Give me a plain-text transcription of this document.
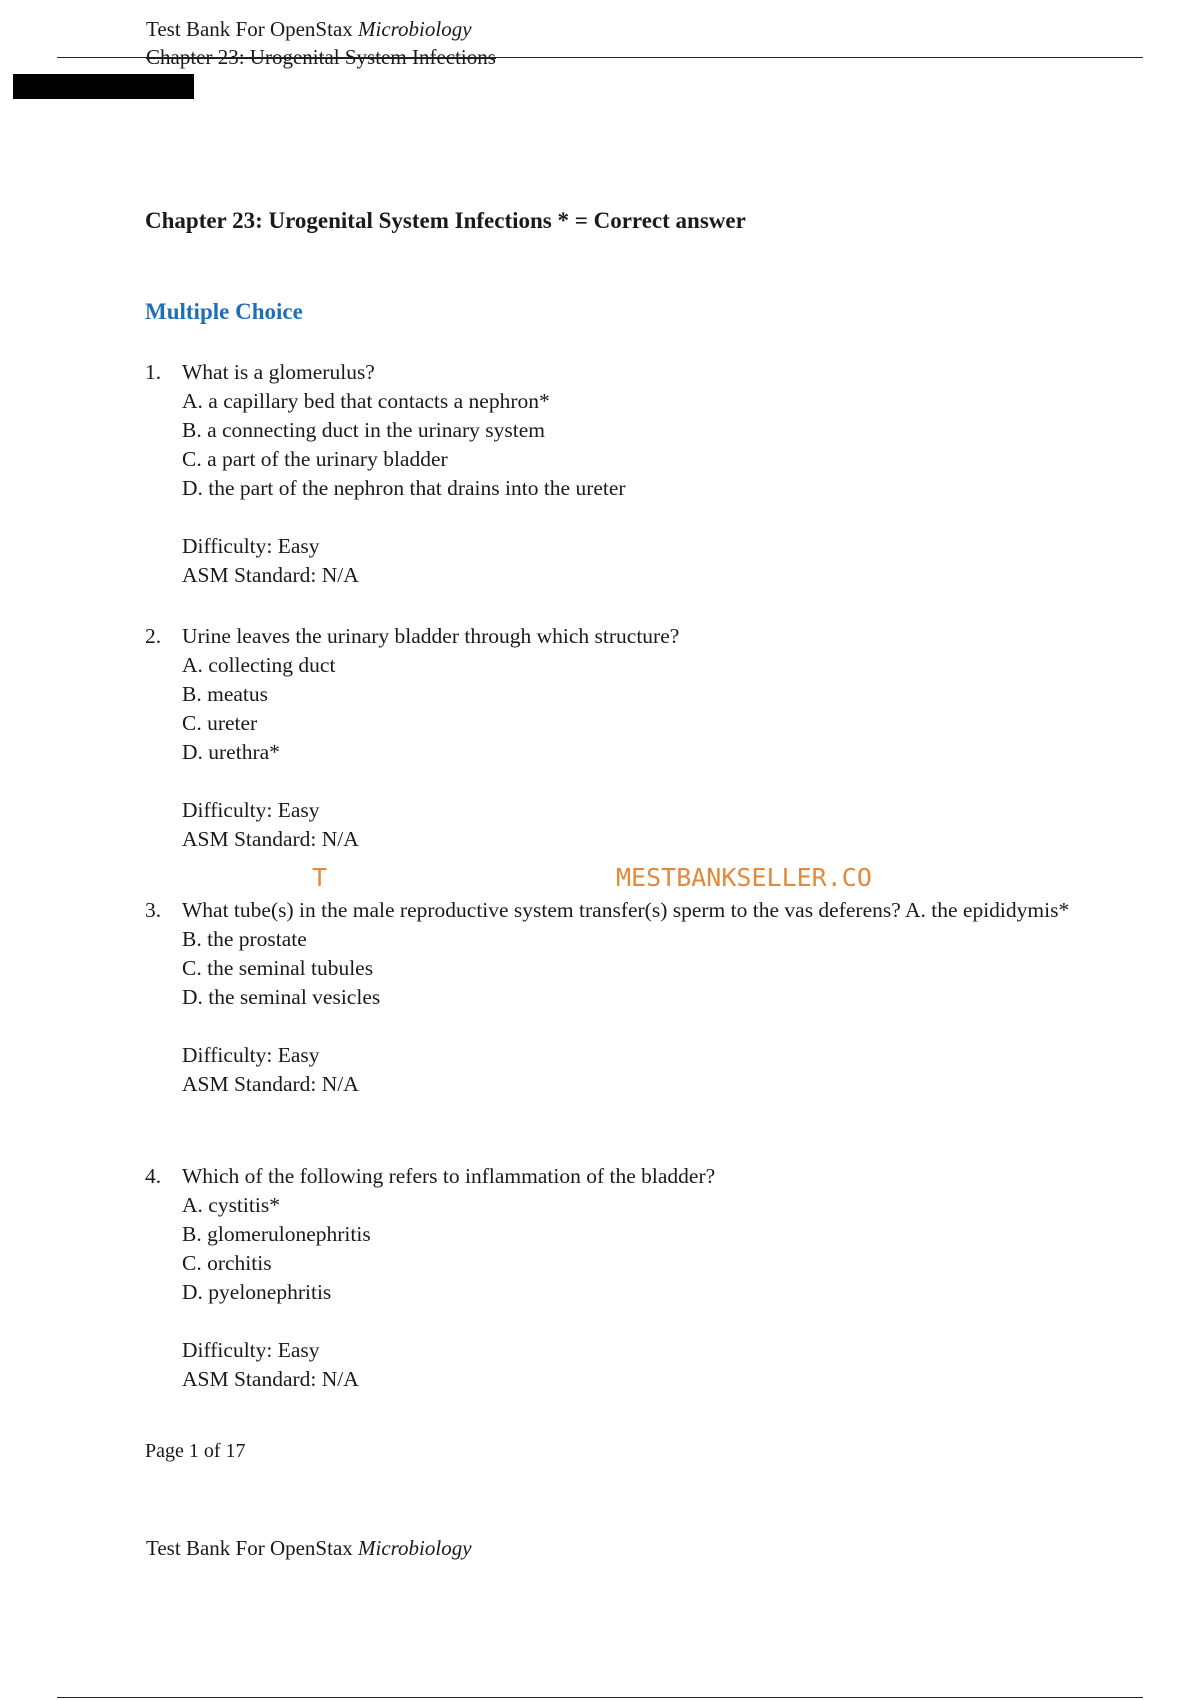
Test Bank For OpenStax Microbiology
Chapter 23: Urogenital System Infections
Chapter 23: Urogenital System Infections * = Correct answer
Multiple Choice
1. What is a glomerulus?
A. a capillary bed that contacts a nephron*
B. a connecting duct in the urinary system
C. a part of the urinary bladder
D. the part of the nephron that drains into the ureter
Difficulty: Easy
ASM Standard: N/A
2. Urine leaves the urinary bladder through which structure?
A. collecting duct
B. meatus
C. ureter
D. urethra*
Difficulty: Easy
ASM Standard: N/A
T	MESTBANKSELLER.CO
3. What tube(s) in the male reproductive system transfer(s) sperm to the vas deferens? A. the epididymis*
B. the prostate
C. the seminal tubules
D. the seminal vesicles
Difficulty: Easy
ASM Standard: N/A
4. Which of the following refers to inflammation of the bladder?
A. cystitis*
B. glomerulonephritis
C. orchitis
D. pyelonephritis
Difficulty: Easy
ASM Standard: N/A
Page 1 of 17
Test Bank For OpenStax Microbiology
